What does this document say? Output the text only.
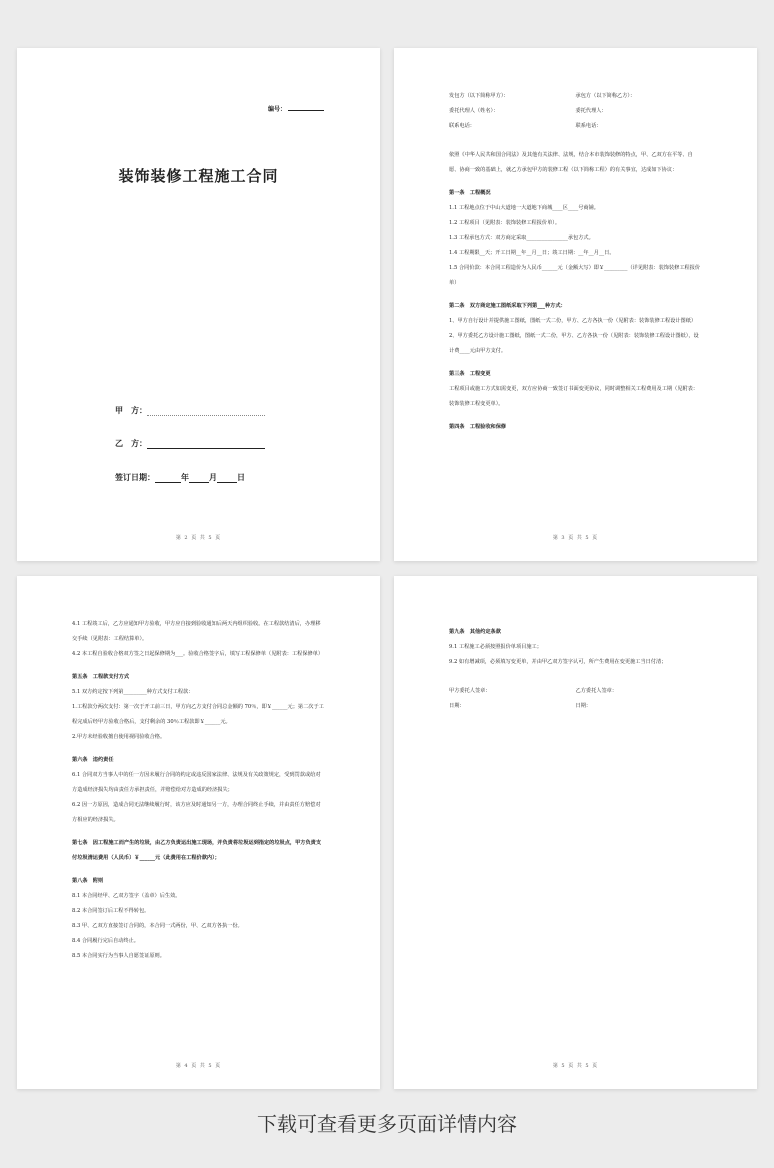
编号：
装饰装修工程施工合同
甲　方：
乙　方：
签订日期：	年	月	日
第 2 页 共 5 页
发包方（以下简称甲方）：	承包方（以下简称乙方）：
委托代理人（姓名）：	委托代理人：
联系电话：	联系电话：

依照《中华人民共和国合同法》及其他有关法律、法规，结合本市装饰装修的特点，甲、乙双方在平等、自愿、协商一致的基础上，就乙方承包甲方的装修工程（以下简称工程）的有关事宜，达成如下协议：

第一条　工程概况

1.1 工程地点位于中山大道地一大道地下商城____区____号商铺。

1.2 工程项目（见附表：装饰装修工程报价单）。

1.3 工程承包方式：双方商定采取________________承包方式。

1.4 工程期限__天；开工日期__年__月__日；竣工日期：__年__月__日。

1.5 合同价款：本合同工程造价为人民币______元（金额大写）即￥_________（详见附表：装饰装修工程报价单）

第二条　双方商定施工图纸采取下列第___种方式：

1、甲方自行设计并提供施工图纸，图纸一式二份，甲方、乙方各执一份（见附表：装饰装修工程设计图纸）

2、甲方委托乙方设计施工图纸，图纸一式二份，甲方、乙方各执一份（见附表：装饰装修工程设计图纸），设计费____元由甲方支付。

第三条　工程变更

工程项目或施工方式如需变更，双方应协商一致签订书面变更协议，同时调整相关工程费用及工期（见附表：装饰装修工程变更单）。

第四条　工程验收和保修

第 3 页 共 5 页

4.1 工程竣工后，乙方应通知甲方验收，甲方应自接到验收通知后两天内组织验收。在工程款结清后，办理移交手续（见附表：工程结算单）。

4.2 本工程自验收合格双方签之日起保修期为___。验收合格签字后，填写工程保修单（见附表：工程保修单）

第五条　工程款支付方式

5.1 双方约定按下列第_________种方式支付工程款：

1.工程款分两次支付：第一次于开工前三日，甲方向乙方支付合同总金额的 70％，即￥______元；第二次于工程完成后经甲方验收合格后，支付剩余的 30％工程款即￥______元。

2.甲方未经验收擅自使用视同验收合格。

第六条　违约责任

6.1 合同双方当事人中的任一方因未履行合同的约定或违反国家法律、法规及有关政策规定，受到罚款或给对方造成经济损失均由责任方承担责任，并赔偿给对方造成的经济损失；

6.2 因一方原因，造成合同无法继续履行时，该方应及时通知另一方，办理合同终止手续，并由责任方赔偿对方相应的经济损失。

第七条　因工程施工而产生的垃圾，由乙方负责运出施工现场，并负责将垃圾运到指定的垃圾点，甲方负责支付垃圾清运费用（人民币）￥______元（此费用在工程价款内）；

第八条　附则

8.1 本合同经甲、乙双方签字（盖章）后生效。

8.2 本合同签订后工程不得转包。

8.3 甲、乙双方直接签订合同的，本合同一式两份，甲、乙双方各执一份。

8.4 合同履行完后自动终止。

8.5 本合同实行为当事人自愿签证原则。

第 4 页 共 5 页

第九条　其他约定条款

9.1 工程施工必须按照报价单项目施工；

9.2 如有增减项，必须填写变更单，并由甲乙双方签字认可，所产生费用在变更施工当日付清；

甲方委托人签章：	乙方委托人签章：
日期：	日期：
第 5 页 共 5 页
下载可查看更多页面详情内容
